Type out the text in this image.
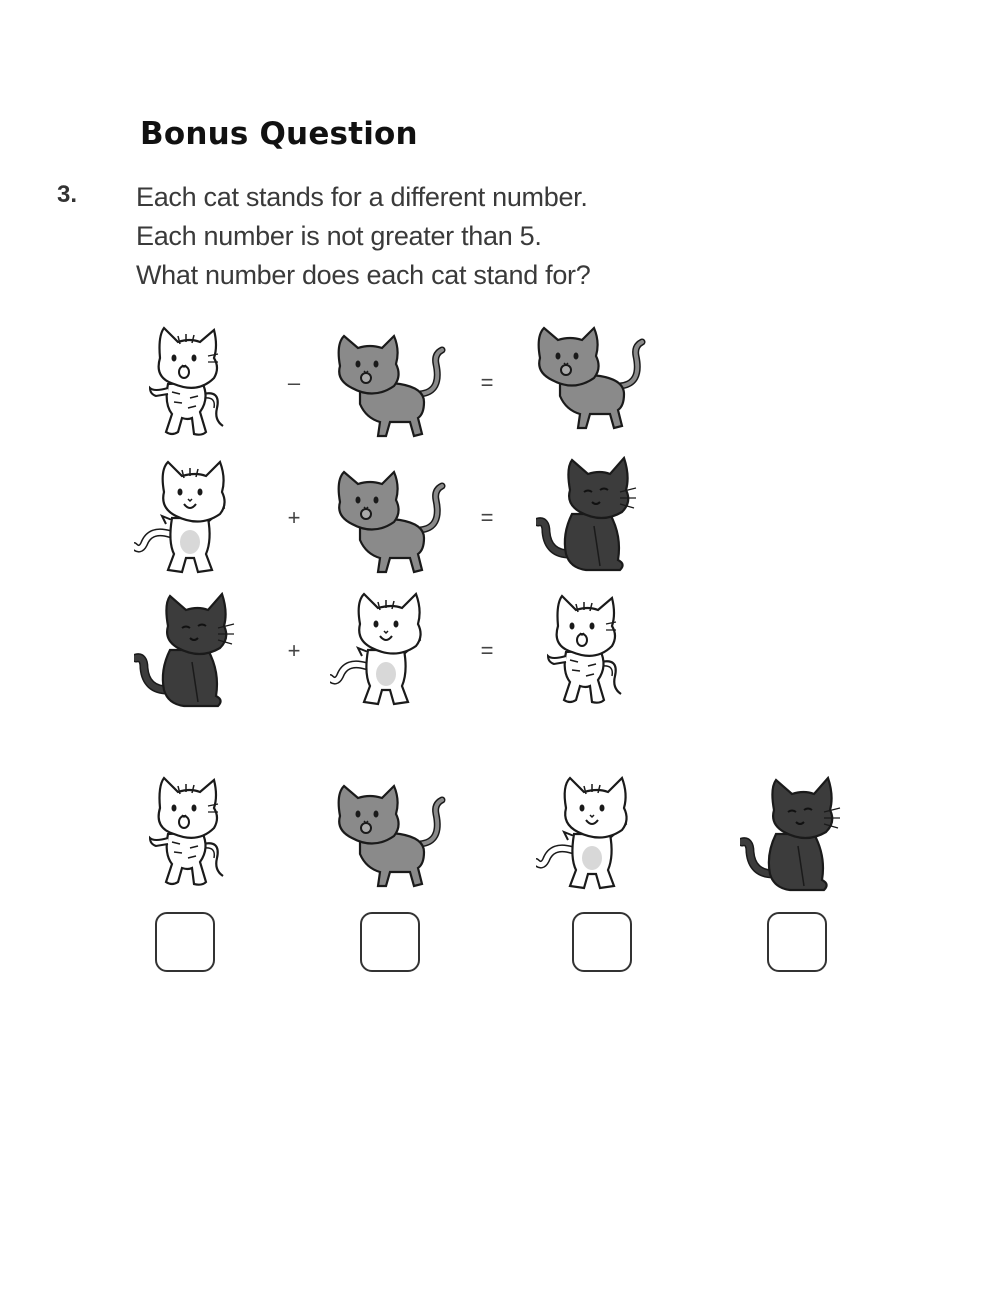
Bonus Question
3. Each cat stands for a different number.
Each number is not greater than 5.
What number does each cat stand for?
–	=
+	=
+	=
